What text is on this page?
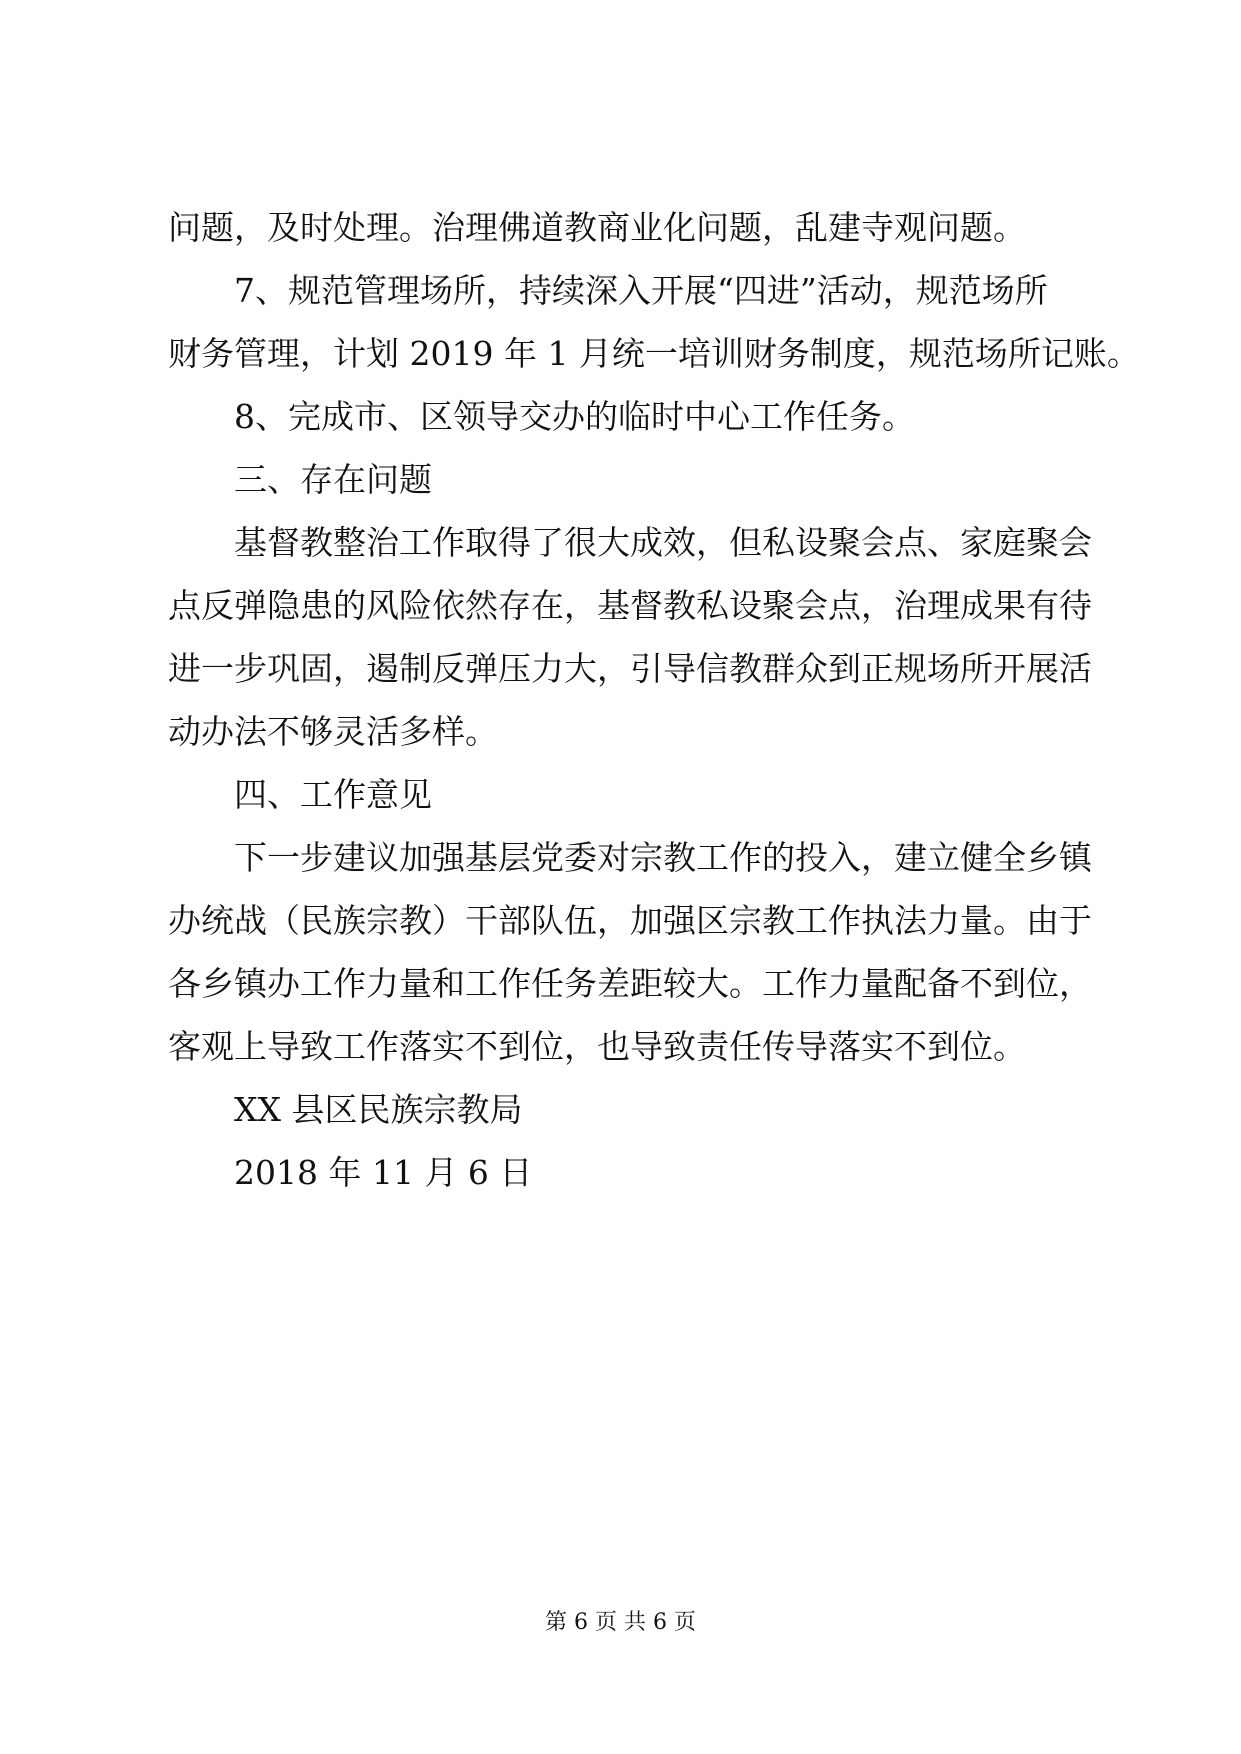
问题，及时处理。治理佛道教商业化问题，乱建寺观问题。
7、规范管理场所，持续深入开展“四进”活动，规范场所
财务管理，计划 2019 年 1 月统一培训财务制度，规范场所记账。
8、完成市、区领导交办的临时中心工作任务。
三、存在问题
基督教整治工作取得了很大成效，但私设聚会点、家庭聚会
点反弹隐患的风险依然存在，基督教私设聚会点，治理成果有待
进一步巩固，遏制反弹压力大，引导信教群众到正规场所开展活
动办法不够灵活多样。
四、工作意见
下一步建议加强基层党委对宗教工作的投入，建立健全乡镇
办统战（民族宗教）干部队伍，加强区宗教工作执法力量。由于
各乡镇办工作力量和工作任务差距较大。工作力量配备不到位，
客观上导致工作落实不到位，也导致责任传导落实不到位。
XX 县区民族宗教局
2018 年 11 月 6 日
第 6 页 共 6 页
